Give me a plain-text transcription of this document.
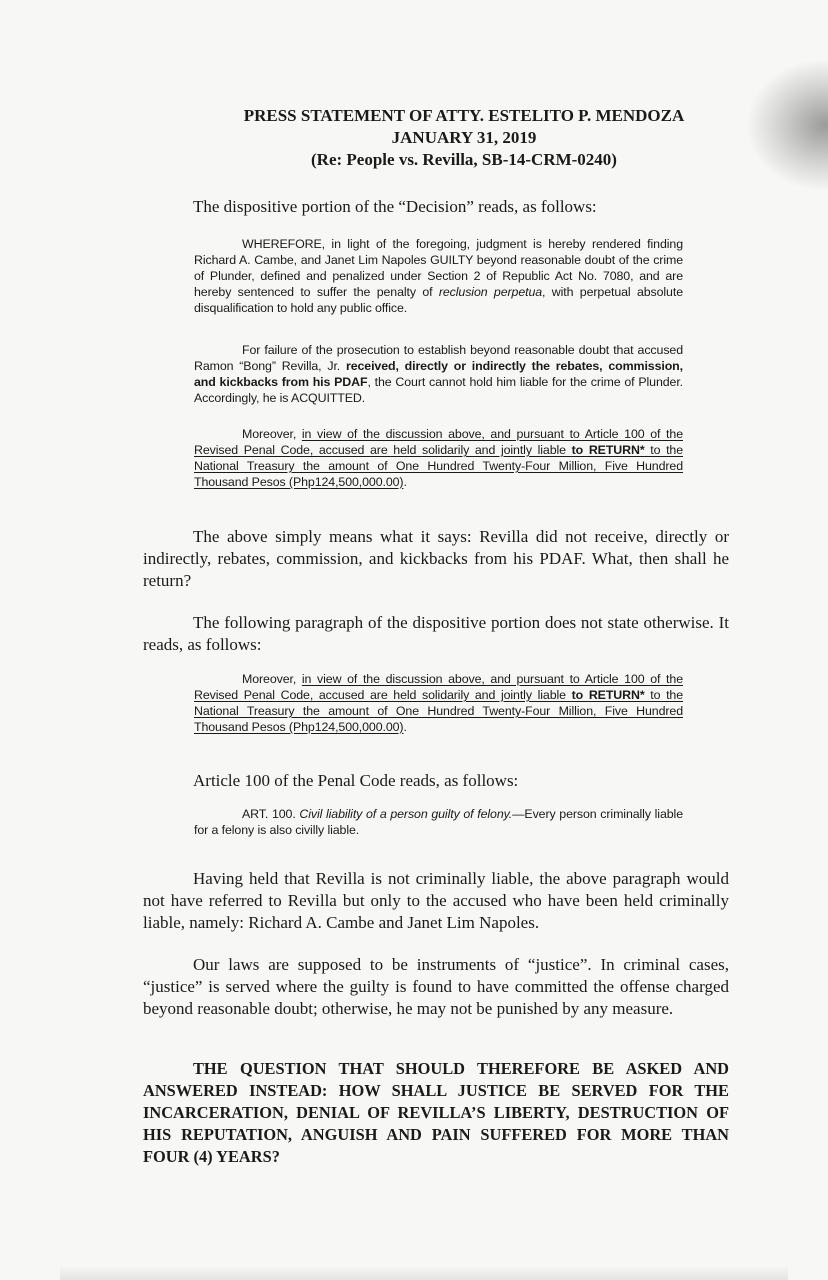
PRESS STATEMENT OF ATTY. ESTELITO P. MENDOZA
JANUARY 31, 2019
(Re: People vs. Revilla, SB-14-CRM-0240)
The dispositive portion of the “Decision” reads, as follows:
WHEREFORE, in light of the foregoing, judgment is hereby rendered finding Richard A. Cambe, and Janet Lim Napoles GUILTY beyond reasonable doubt of the crime of Plunder, defined and penalized under Section 2 of Republic Act No. 7080, and are hereby sentenced to suffer the penalty of reclusion perpetua, with perpetual absolute disqualification to hold any public office.
For failure of the prosecution to establish beyond reasonable doubt that accused Ramon “Bong” Revilla, Jr. received, directly or indirectly the rebates, commission, and kickbacks from his PDAF, the Court cannot hold him liable for the crime of Plunder. Accordingly, he is ACQUITTED.
Moreover, in view of the discussion above, and pursuant to Article 100 of the Revised Penal Code, accused are held solidarily and jointly liable to RETURN* to the National Treasury the amount of One Hundred Twenty-Four Million, Five Hundred Thousand Pesos (Php124,500,000.00).
The above simply means what it says: Revilla did not receive, directly or indirectly, rebates, commission, and kickbacks from his PDAF. What, then shall he return?
The following paragraph of the dispositive portion does not state otherwise. It reads, as follows:
Moreover, in view of the discussion above, and pursuant to Article 100 of the Revised Penal Code, accused are held solidarily and jointly liable to RETURN* to the National Treasury the amount of One Hundred Twenty-Four Million, Five Hundred Thousand Pesos (Php124,500,000.00).
Article 100 of the Penal Code reads, as follows:
ART. 100. Civil liability of a person guilty of felony.—Every person criminally liable for a felony is also civilly liable.
Having held that Revilla is not criminally liable, the above paragraph would not have referred to Revilla but only to the accused who have been held criminally liable, namely: Richard A. Cambe and Janet Lim Napoles.
Our laws are supposed to be instruments of “justice”. In criminal cases, “justice” is served where the guilty is found to have committed the offense charged beyond reasonable doubt; otherwise, he may not be punished by any measure.
THE QUESTION THAT SHOULD THEREFORE BE ASKED AND ANSWERED INSTEAD: HOW SHALL JUSTICE BE SERVED FOR THE INCARCERATION, DENIAL OF REVILLA’S LIBERTY, DESTRUCTION OF HIS REPUTATION, ANGUISH AND PAIN SUFFERED FOR MORE THAN FOUR (4) YEARS?
